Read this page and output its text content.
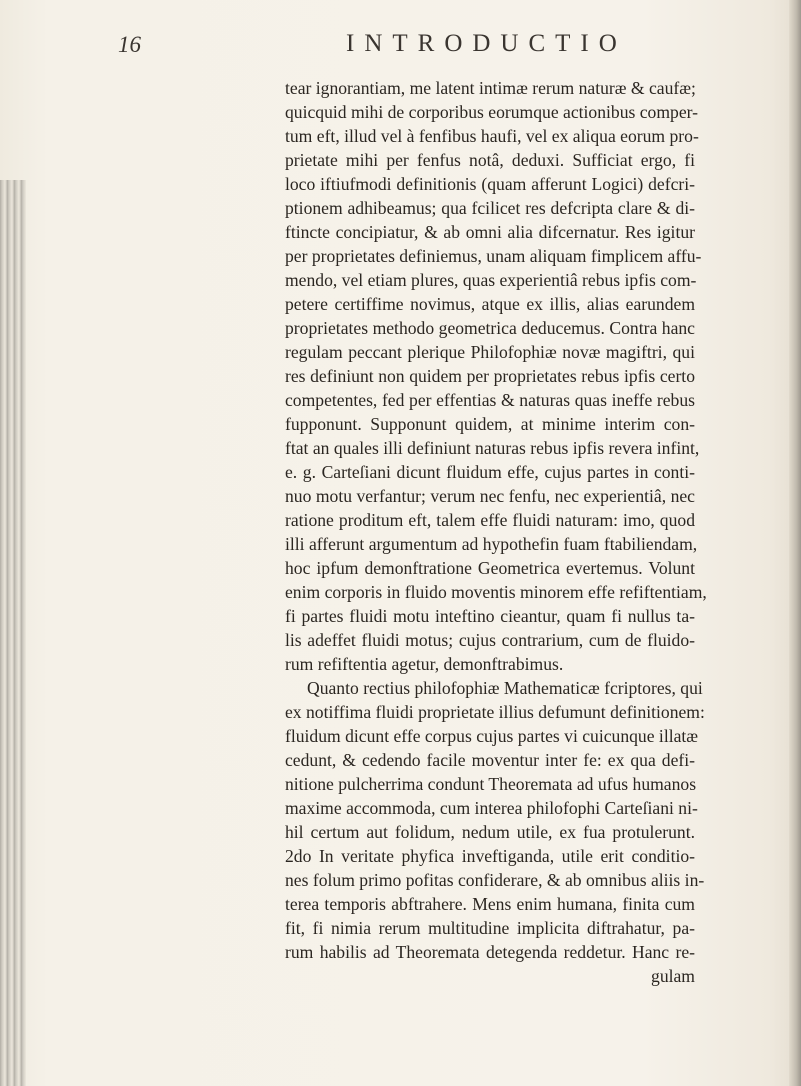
16	INTRODUCTIO
tear ignorantiam, me latent intimæ rerum naturæ & caufæ;
quicquid mihi de corporibus eorumque actionibus comper-
tum eft, illud vel à fenfibus haufi, vel ex aliqua eorum pro-
prietate mihi per fenfus notâ, deduxi. Sufficiat ergo, fi
loco iftiufmodi definitionis (quam afferunt Logici) defcri-
ptionem adhibeamus; qua fcilicet res defcripta clare & di-
ftincte concipiatur, & ab omni alia difcernatur. Res igitur
per proprietates definiemus, unam aliquam fimplicem affu-
mendo, vel etiam plures, quas experientiâ rebus ipfis com-
petere certiffime novimus, atque ex illis, alias earundem
proprietates methodo geometrica deducemus. Contra hanc
regulam peccant plerique Philofophiæ novæ magiftri, qui
res definiunt non quidem per proprietates rebus ipfis certo
competentes, fed per effentias & naturas quas ineffe rebus
fupponunt. Supponunt quidem, at minime interim con-
ftat an quales illi definiunt naturas rebus ipfis revera infint,
e. g. Carteſiani dicunt fluidum effe, cujus partes in conti-
nuo motu verfantur; verum nec fenfu, nec experientiâ, nec
ratione proditum eft, talem effe fluidi naturam: imo, quod
illi afferunt argumentum ad hypothefin fuam ftabiliendam,
hoc ipfum demonftratione Geometrica evertemus. Volunt
enim corporis in fluido moventis minorem effe refiftentiam,
fi partes fluidi motu inteftino cieantur, quam fi nullus ta-
lis adeffet fluidi motus; cujus contrarium, cum de fluido-
rum refiftentia agetur, demonftrabimus.
Quanto rectius philofophiæ Mathematicæ fcriptores, qui
ex notiffima fluidi proprietate illius defumunt definitionem:
fluidum dicunt effe corpus cujus partes vi cuicunque illatæ
cedunt, & cedendo facile moventur inter fe: ex qua defi-
nitione pulcherrima condunt Theoremata ad ufus humanos
maxime accommoda, cum interea philofophi Carteſiani ni-
hil certum aut folidum, nedum utile, ex fua protulerunt.
2do In veritate phyfica inveftiganda, utile erit conditio-
nes folum primo pofitas confiderare, & ab omnibus aliis in-
terea temporis abftrahere. Mens enim humana, finita cum
fit, fi nimia rerum multitudine implicita diftrahatur, pa-
rum habilis ad Theoremata detegenda reddetur. Hanc re-
gulam
